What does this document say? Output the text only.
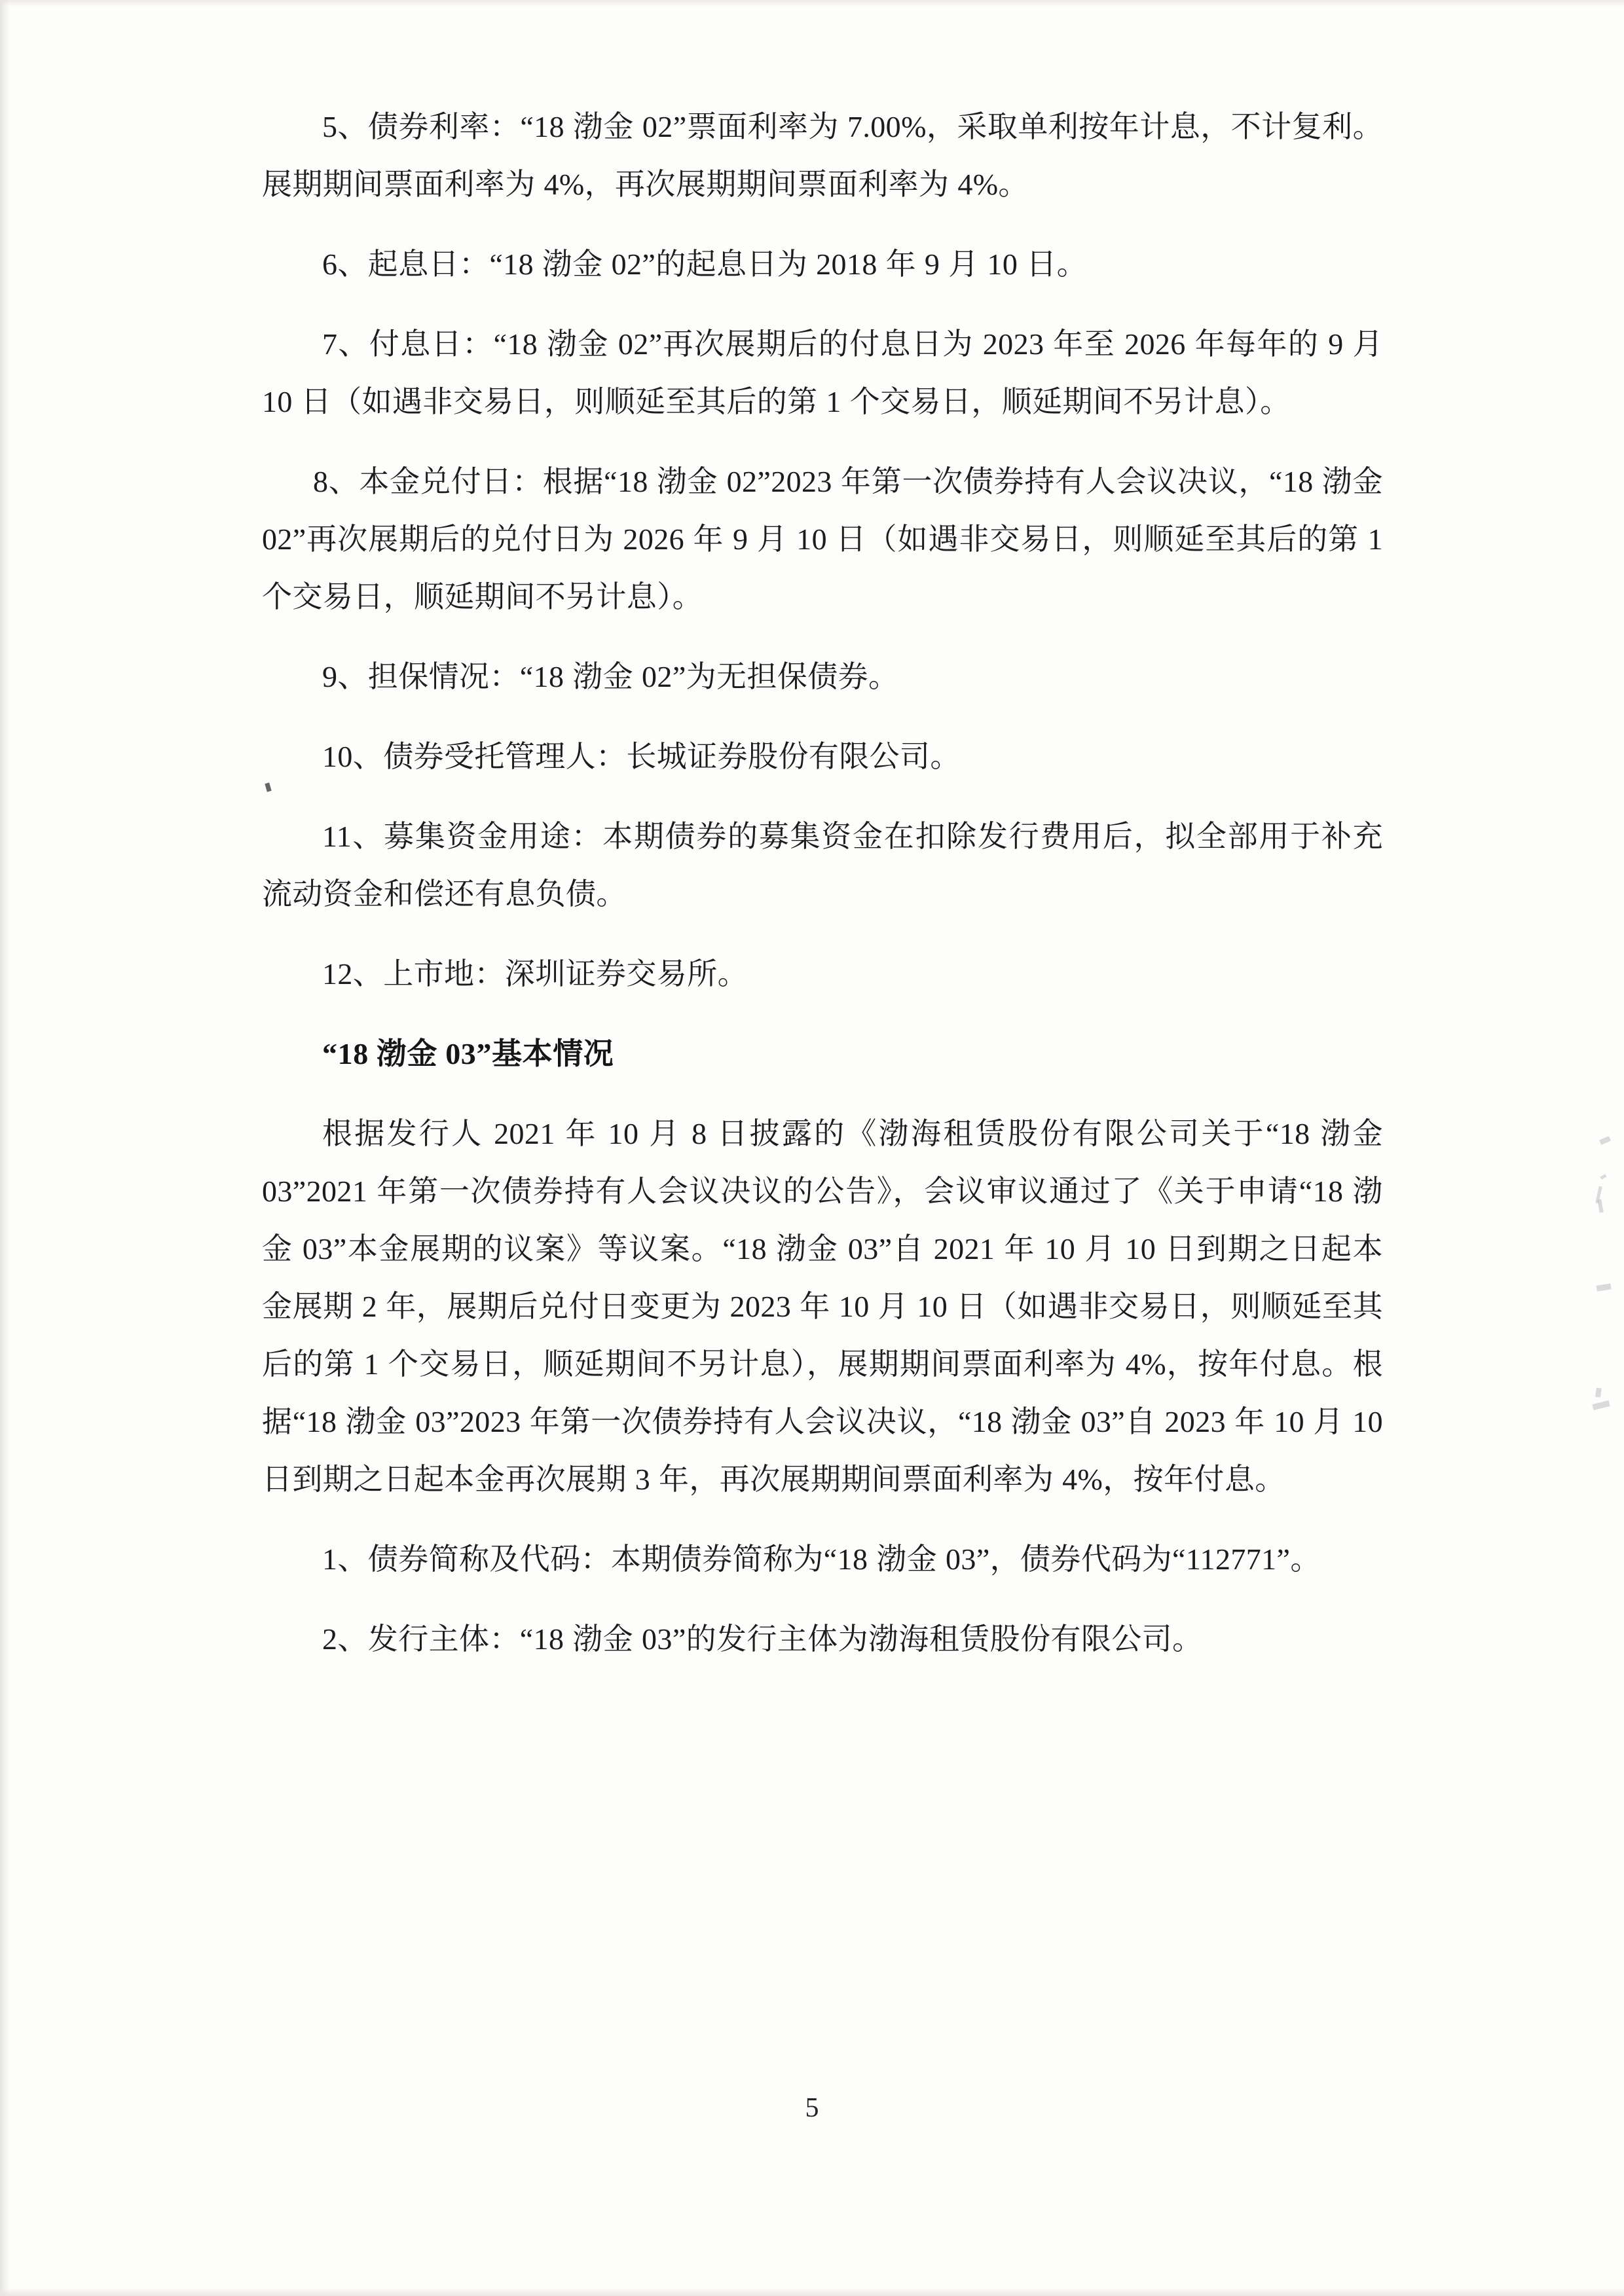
5、债券利率：“18 渤金 02”票面利率为 7.00%，采取单利按年计息，不计复利。展期期间票面利率为 4%，再次展期期间票面利率为 4%。

6、起息日：“18 渤金 02”的起息日为 2018 年 9 月 10 日。

7、付息日：“18 渤金 02”再次展期后的付息日为 2023 年至 2026 年每年的 9 月 10 日（如遇非交易日，则顺延至其后的第 1 个交易日，顺延期间不另计息）。

8、本金兑付日：根据“18 渤金 02”2023 年第一次债券持有人会议决议，“18 渤金 02”再次展期后的兑付日为 2026 年 9 月 10 日（如遇非交易日，则顺延至其后的第 1 个交易日，顺延期间不另计息）。

9、担保情况：“18 渤金 02”为无担保债券。

10、债券受托管理人：长城证券股份有限公司。

11、募集资金用途：本期债券的募集资金在扣除发行费用后，拟全部用于补充流动资金和偿还有息负债。

12、上市地：深圳证券交易所。

“18 渤金 03”基本情况

根据发行人 2021 年 10 月 8 日披露的《渤海租赁股份有限公司关于“18 渤金 03”2021 年第一次债券持有人会议决议的公告》，会议审议通过了《关于申请“18 渤金 03”本金展期的议案》等议案。“18 渤金 03”自 2021 年 10 月 10 日到期之日起本金展期 2 年，展期后兑付日变更为 2023 年 10 月 10 日（如遇非交易日，则顺延至其后的第 1 个交易日，顺延期间不另计息），展期期间票面利率为 4%，按年付息。根据“18 渤金 03”2023 年第一次债券持有人会议决议，“18 渤金 03”自 2023 年 10 月 10 日到期之日起本金再次展期 3 年，再次展期期间票面利率为 4%，按年付息。

1、债券简称及代码：本期债券简称为“18 渤金 03”，债券代码为“112771”。

2、发行主体：“18 渤金 03”的发行主体为渤海租赁股份有限公司。

5
